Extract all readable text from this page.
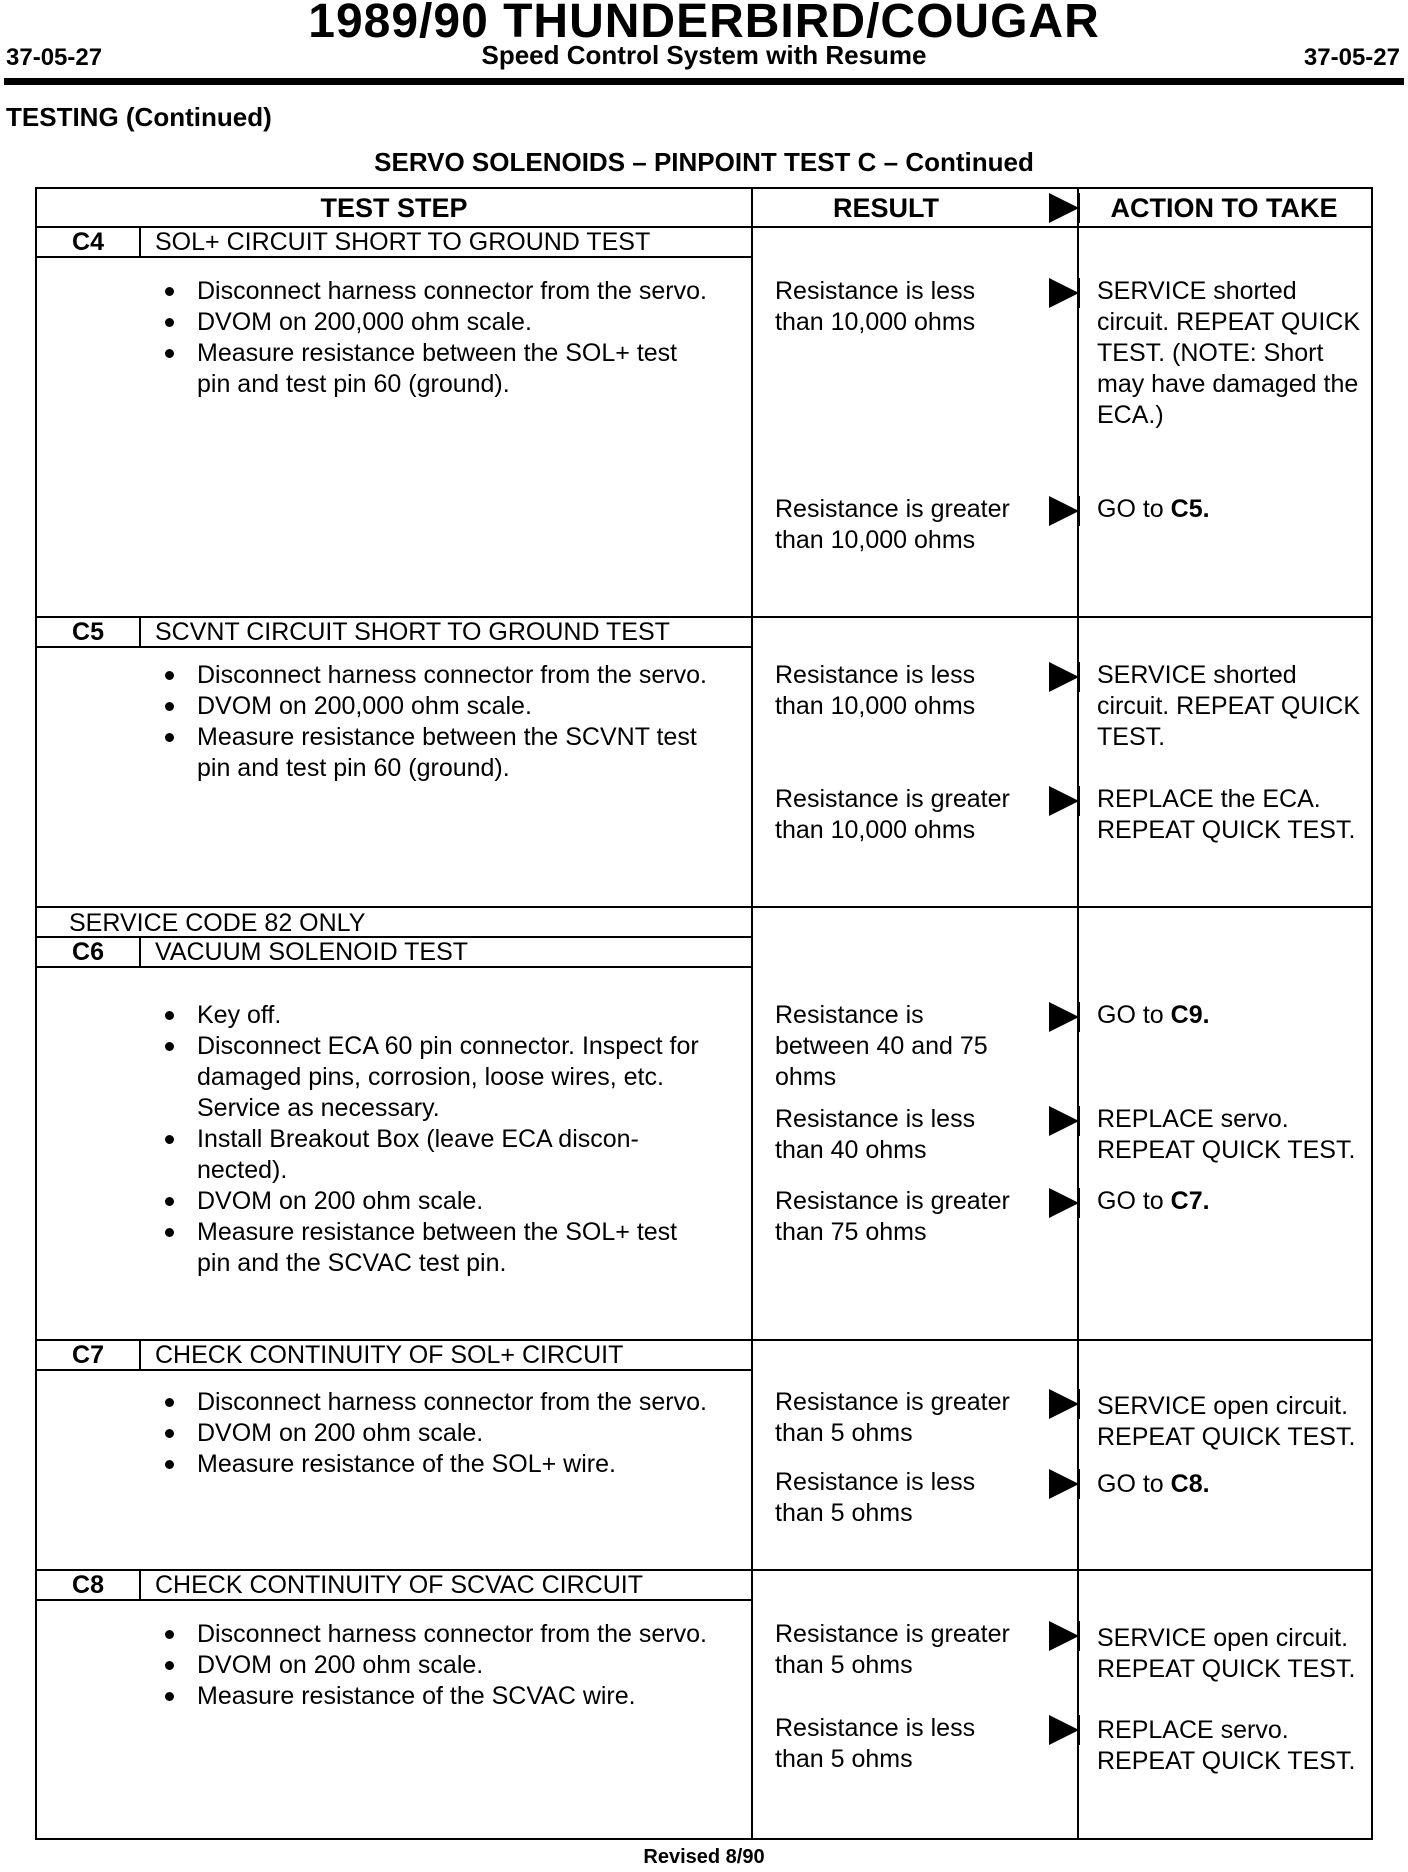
1989/90 THUNDERBIRD/COUGAR
Speed Control System with Resume
37-05-27	37-05-27
TESTING (Continued)
SERVO SOLENOIDS – PINPOINT TEST C – Continued
TEST STEP	RESULT	ACTION TO TAKE
C4	SOL+ CIRCUIT SHORT TO GROUND TEST
Disconnect harness connector from the servo.
DVOM on 200,000 ohm scale.
Measure resistance between the SOL+ test pin and test pin 60 (ground).
Resistance is less than 10,000 ohms
SERVICE shorted circuit. REPEAT QUICK TEST. (NOTE: Short may have damaged the ECA.)
Resistance is greater than 10,000 ohms
GO to C5.
C5	SCVNT CIRCUIT SHORT TO GROUND TEST
Disconnect harness connector from the servo.
DVOM on 200,000 ohm scale.
Measure resistance between the SCVNT test pin and test pin 60 (ground).
Resistance is less than 10,000 ohms
SERVICE shorted circuit. REPEAT QUICK TEST.
Resistance is greater than 10,000 ohms
REPLACE the ECA. REPEAT QUICK TEST.
SERVICE CODE 82 ONLY
C6	VACUUM SOLENOID TEST
Key off.
Disconnect ECA 60 pin connector. Inspect for damaged pins, corrosion, loose wires, etc. Service as necessary.
Install Breakout Box (leave ECA discon-nected).
DVOM on 200 ohm scale.
Measure resistance between the SOL+ test pin and the SCVAC test pin.
Resistance is between 40 and 75 ohms
GO to C9.
Resistance is less than 40 ohms
REPLACE servo. REPEAT QUICK TEST.
Resistance is greater than 75 ohms
GO to C7.
C7	CHECK CONTINUITY OF SOL+ CIRCUIT
Disconnect harness connector from the servo.
DVOM on 200 ohm scale.
Measure resistance of the SOL+ wire.
Resistance is greater than 5 ohms
SERVICE open circuit. REPEAT QUICK TEST.
Resistance is less than 5 ohms
GO to C8.
C8	CHECK CONTINUITY OF SCVAC CIRCUIT
Disconnect harness connector from the servo.
DVOM on 200 ohm scale.
Measure resistance of the SCVAC wire.
Resistance is greater than 5 ohms
SERVICE open circuit. REPEAT QUICK TEST.
Resistance is less than 5 ohms
REPLACE servo. REPEAT QUICK TEST.
Revised 8/90
